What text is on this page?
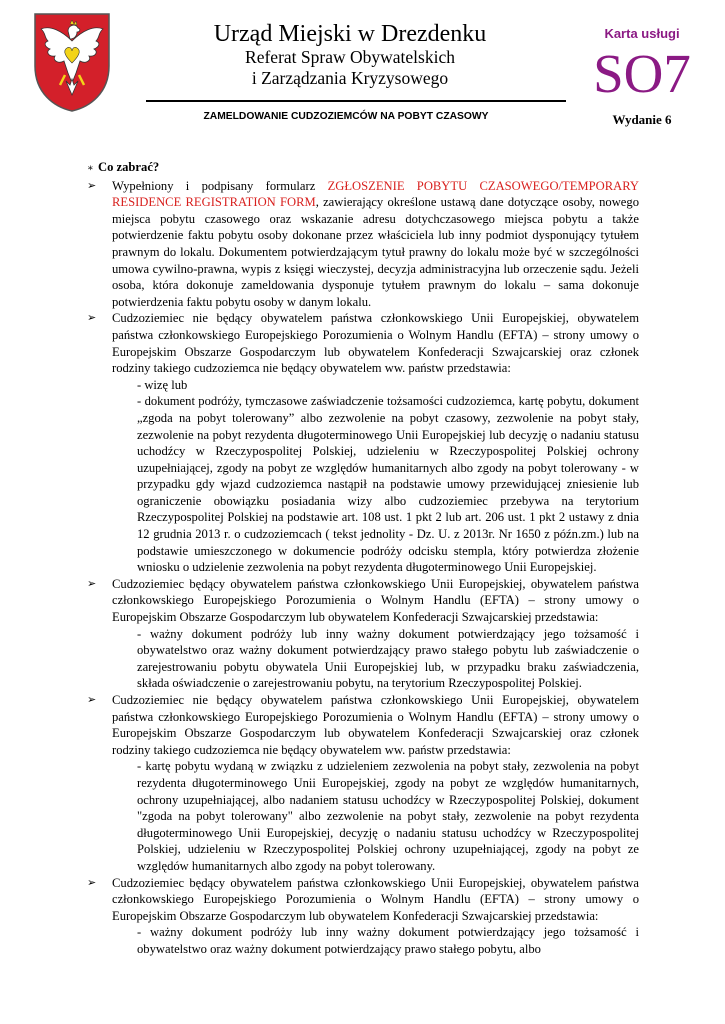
Urząd Miejski w Drezdenku
Referat Spraw Obywatelskich
i Zarządzania Kryzysowego
ZAMELDOWANIE CUDZOZIEMCÓW NA POBYT CZASOWY
Karta usługi
SO7
Wydanie 6
∗ Co zabrać?
➢	Wypełniony i podpisany formularz ZGŁOSZENIE POBYTU CZASOWEGO/TEMPORARY RESIDENCE REGISTRATION FORM, zawierający określone ustawą dane dotyczące osoby, nowego miejsca pobytu czasowego oraz wskazanie adresu dotychczasowego miejsca pobytu a także potwierdzenie faktu pobytu osoby dokonane przez właściciela lub inny podmiot dysponujący tytułem prawnym do lokalu. Dokumentem potwierdzającym tytuł prawny do lokalu może być w szczególności umowa cywilno-prawna, wypis z księgi wieczystej, decyzja administracyjna lub orzeczenie sądu. Jeżeli osoba, która dokonuje zameldowania dysponuje tytułem prawnym do lokalu – sama dokonuje potwierdzenia faktu pobytu osoby w danym lokalu.
➢	Cudzoziemiec nie będący obywatelem państwa członkowskiego Unii Europejskiej, obywatelem państwa członkowskiego Europejskiego Porozumienia o Wolnym Handlu (EFTA) – strony umowy o Europejskim Obszarze Gospodarczym lub obywatelem Konfederacji Szwajcarskiej oraz członek rodziny takiego cudzoziemca nie będący obywatelem ww. państw przedstawia:
- wizę lub
- dokument podróży, tymczasowe zaświadczenie tożsamości cudzoziemca, kartę pobytu, dokument „zgoda na pobyt tolerowany” albo zezwolenie na pobyt czasowy, zezwolenie na pobyt stały, zezwolenie na pobyt rezydenta długoterminowego Unii Europejskiej lub decyzję o nadaniu statusu uchodźcy w Rzeczypospolitej Polskiej, udzieleniu w Rzeczypospolitej Polskiej ochrony uzupełniającej, zgody na pobyt ze względów humanitarnych albo zgody na pobyt tolerowany - w przypadku gdy wjazd cudzoziemca nastąpił na podstawie umowy przewidującej zniesienie lub ograniczenie obowiązku posiadania wizy albo cudzoziemiec przebywa na terytorium Rzeczypospolitej Polskiej na podstawie art. 108 ust. 1 pkt 2 lub art. 206 ust. 1 pkt 2 ustawy z dnia 12 grudnia 2013 r. o cudzoziemcach ( tekst jednolity - Dz. U. z 2013r. Nr 1650 z późn.zm.) lub na podstawie umieszczonego w dokumencie podróży odcisku stempla, który potwierdza złożenie wniosku o udzielenie zezwolenia na pobyt rezydenta długoterminowego Unii Europejskiej.
➢	Cudzoziemiec będący obywatelem państwa członkowskiego Unii Europejskiej, obywatelem państwa członkowskiego Europejskiego Porozumienia o Wolnym Handlu (EFTA) – strony umowy o Europejskim Obszarze Gospodarczym lub obywatelem Konfederacji Szwajcarskiej przedstawia:
- ważny dokument podróży lub inny ważny dokument potwierdzający jego tożsamość i obywatelstwo oraz ważny dokument potwierdzający prawo stałego pobytu lub zaświadczenie o zarejestrowaniu pobytu obywatela Unii Europejskiej lub, w przypadku braku zaświadczenia, składa oświadczenie o zarejestrowaniu pobytu, na terytorium Rzeczypospolitej Polskiej.
➢	Cudzoziemiec nie będący obywatelem państwa członkowskiego Unii Europejskiej, obywatelem państwa członkowskiego Europejskiego Porozumienia o Wolnym Handlu (EFTA) – strony umowy o Europejskim Obszarze Gospodarczym lub obywatelem Konfederacji Szwajcarskiej oraz członek rodziny takiego cudzoziemca nie będący obywatelem ww. państw przedstawia:
- kartę pobytu wydaną w związku z udzieleniem zezwolenia na pobyt stały, zezwolenia na pobyt rezydenta długoterminowego Unii Europejskiej, zgody na pobyt ze względów humanitarnych, ochrony uzupełniającej, albo nadaniem statusu uchodźcy w Rzeczypospolitej Polskiej, dokument "zgoda na pobyt tolerowany" albo zezwolenie na pobyt stały, zezwolenie na pobyt rezydenta długoterminowego Unii Europejskiej, decyzję o nadaniu statusu uchodźcy w Rzeczypospolitej Polskiej, udzieleniu w Rzeczypospolitej Polskiej ochrony uzupełniającej, zgody na pobyt ze względów humanitarnych albo zgody na pobyt tolerowany.
➢	Cudzoziemiec będący obywatelem państwa członkowskiego Unii Europejskiej, obywatelem państwa członkowskiego Europejskiego Porozumienia o Wolnym Handlu (EFTA) – strony umowy o Europejskim Obszarze Gospodarczym lub obywatelem Konfederacji Szwajcarskiej przedstawia:
- ważny dokument podróży lub inny ważny dokument potwierdzający jego tożsamość i obywatelstwo oraz ważny dokument potwierdzający prawo stałego pobytu, albo
